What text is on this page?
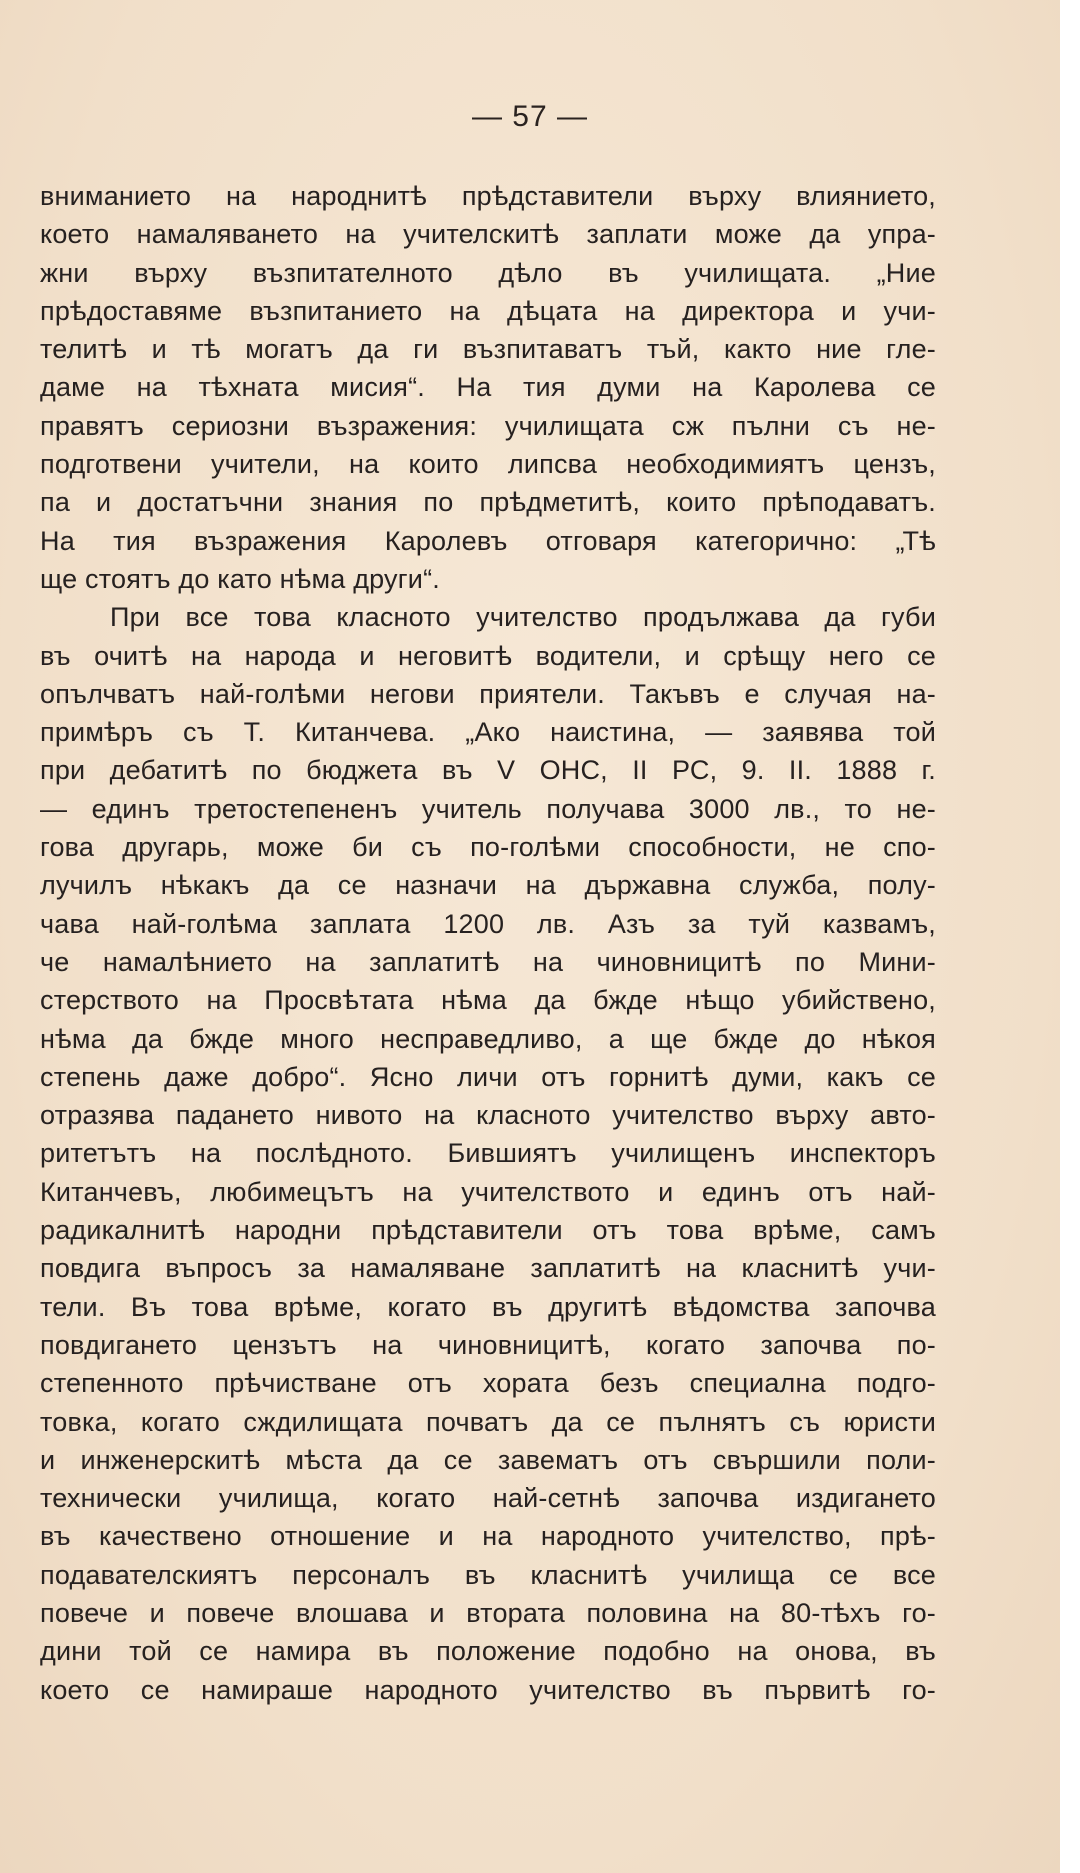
— 57 —
вниманието на народнитѣ прѣдставители върху влиянието,
което намаляването на учителскитѣ заплати може да упра-
жни върху възпитателното дѣло въ училищата. „Ние
прѣдоставяме възпитанието на дѣцата на директора и учи-
телитѣ и тѣ могатъ да ги възпитаватъ тъй, както ние гле-
даме на тѣхната мисия“. На тия думи на Каролева се
правятъ сериозни възражения: училищата сж пълни съ не-
подготвени учители, на които липсва необходимиятъ цензъ,
па и достатъчни знания по прѣдметитѣ, които прѣподаватъ.
На тия възражения Каролевъ отговаря категорично: „Тѣ
ще стоятъ до като нѣма други“.
При все това класното учителство продължава да губи
въ очитѣ на народа и неговитѣ водители, и срѣщу него се
опълчватъ най-голѣми негови приятели. Такъвъ е случая на-
примѣръ съ Т. Китанчева. „Ако наистина, — заявява той
при дебатитѣ по бюджета въ V ОНС, II РС, 9. II. 1888 г.
— единъ третостепененъ учитель получава 3000 лв., то не-
гова другарь, може би съ по-голѣми способности, не спо-
лучилъ нѣкакъ да се назначи на държавна служба, полу-
чава най-голѣма заплата 1200 лв. Азъ за туй казвамъ,
че намалѣнието на заплатитѣ на чиновницитѣ по Мини-
стерството на Просвѣтата нѣма да бжде нѣщо убийствено,
нѣма да бжде много несправедливо, а ще бжде до нѣкоя
степень даже добро“. Ясно личи отъ горнитѣ думи, какъ се
отразява падането нивото на класното учителство върху авто-
ритетътъ на послѣдното. Бившиятъ училищенъ инспекторъ
Китанчевъ, любимецътъ на учителството и единъ отъ най-
радикалнитѣ народни прѣдставители отъ това врѣме, самъ
повдига въпросъ за намаляване заплатитѣ на класнитѣ учи-
тели. Въ това врѣме, когато въ другитѣ вѣдомства започва
повдигането цензътъ на чиновницитѣ, когато започва по-
степенното прѣчистване отъ хората безъ специална подго-
товка, когато сждилищата почватъ да се пълнятъ съ юристи
и инженерскитѣ мѣста да се завематъ отъ свършили поли-
технически училища, когато най-сетнѣ започва издигането
въ качествено отношение и на народното учителство, прѣ-
подавателскиятъ персоналъ въ класнитѣ училища се все
повече и повече влошава и втората половина на 80-тѣхъ го-
дини той се намира въ положение подобно на онова, въ
което се намираше народното учителство въ първитѣ го-
